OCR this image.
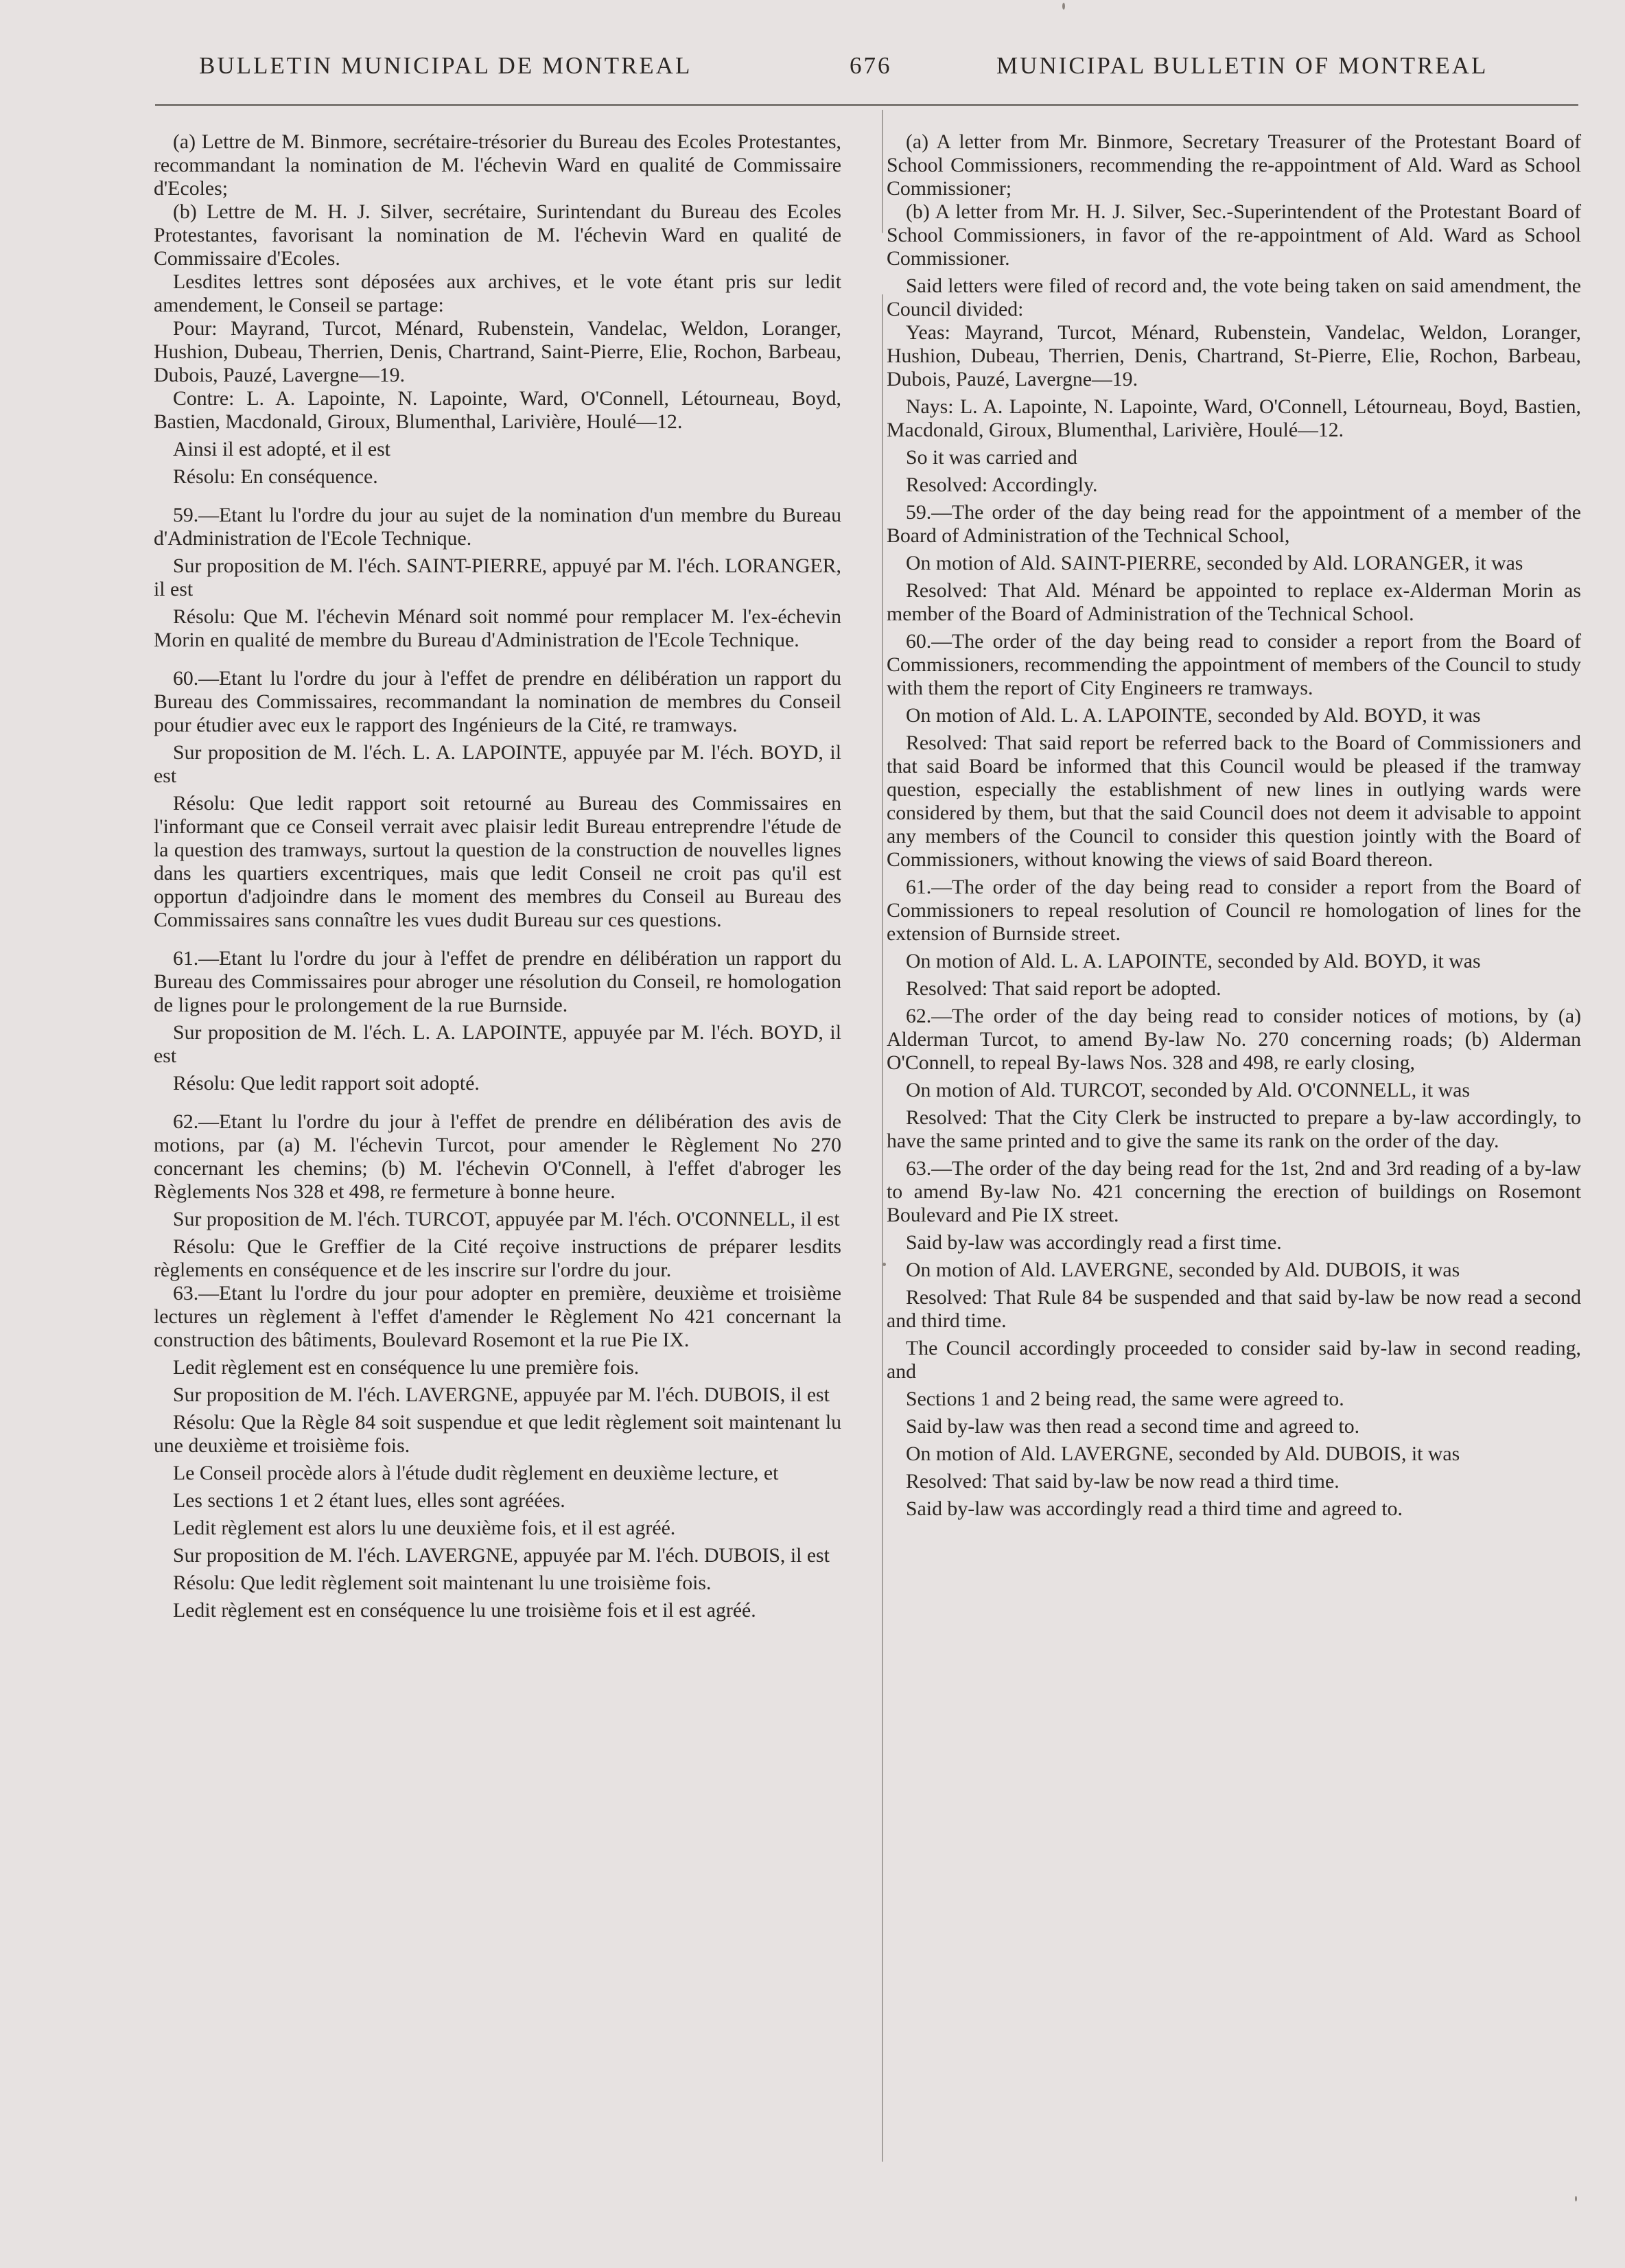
BULLETIN MUNICIPAL DE MONTREAL	676	MUNICIPAL BULLETIN OF MONTREAL

(a) Lettre de M. Binmore, secrétaire-trésorier du Bureau des Ecoles Protestantes, recommandant la nomination de M. l'échevin Ward en qualité de Commissaire d'Ecoles;

(b) Lettre de M. H. J. Silver, secrétaire, Surintendant du Bureau des Ecoles Protestantes, favorisant la nomination de M. l'échevin Ward en qualité de Commissaire d'Ecoles.

Lesdites lettres sont déposées aux archives, et le vote étant pris sur ledit amendement, le Conseil se partage:

Pour: Mayrand, Turcot, Ménard, Rubenstein, Vandelac, Weldon, Loranger, Hushion, Dubeau, Therrien, Denis, Chartrand, Saint-Pierre, Elie, Rochon, Barbeau, Dubois, Pauzé, Lavergne—19.

Contre: L. A. Lapointe, N. Lapointe, Ward, O'Connell, Létourneau, Boyd, Bastien, Macdonald, Giroux, Blumenthal, Larivière, Houlé—12.

Ainsi il est adopté, et il est

Résolu: En conséquence.

59.—Etant lu l'ordre du jour au sujet de la nomination d'un membre du Bureau d'Administration de l'Ecole Technique.

Sur proposition de M. l'éch. SAINT-PIERRE, appuyé par M. l'éch. LORANGER, il est

Résolu: Que M. l'échevin Ménard soit nommé pour remplacer M. l'ex-échevin Morin en qualité de membre du Bureau d'Administration de l'Ecole Technique.

60.—Etant lu l'ordre du jour à l'effet de prendre en délibération un rapport du Bureau des Commissaires, recommandant la nomination de membres du Conseil pour étudier avec eux le rapport des Ingénieurs de la Cité, re tramways.

Sur proposition de M. l'éch. L. A. LAPOINTE, appuyée par M. l'éch. BOYD, il est

Résolu: Que ledit rapport soit retourné au Bureau des Commissaires en l'informant que ce Conseil verrait avec plaisir ledit Bureau entreprendre l'étude de la question des tramways, surtout la question de la construction de nouvelles lignes dans les quartiers excentriques, mais que ledit Conseil ne croit pas qu'il est opportun d'adjoindre dans le moment des membres du Conseil au Bureau des Commissaires sans connaître les vues dudit Bureau sur ces questions.

61.—Etant lu l'ordre du jour à l'effet de prendre en délibération un rapport du Bureau des Commissaires pour abroger une résolution du Conseil, re homologation de lignes pour le prolongement de la rue Burnside.

Sur proposition de M. l'éch. L. A. LAPOINTE, appuyée par M. l'éch. BOYD, il est

Résolu: Que ledit rapport soit adopté.

62.—Etant lu l'ordre du jour à l'effet de prendre en délibération des avis de motions, par (a) M. l'échevin Turcot, pour amender le Règlement No 270 concernant les chemins; (b) M. l'échevin O'Connell, à l'effet d'abroger les Règlements Nos 328 et 498, re fermeture à bonne heure.

Sur proposition de M. l'éch. TURCOT, appuyée par M. l'éch. O'CONNELL, il est

Résolu: Que le Greffier de la Cité reçoive instructions de préparer lesdits règlements en conséquence et de les inscrire sur l'ordre du jour.

63.—Etant lu l'ordre du jour pour adopter en première, deuxième et troisième lectures un règlement à l'effet d'amender le Règlement No 421 concernant la construction des bâtiments, Boulevard Rosemont et la rue Pie IX.

Ledit règlement est en conséquence lu une première fois.

Sur proposition de M. l'éch. LAVERGNE, appuyée par M. l'éch. DUBOIS, il est

Résolu: Que la Règle 84 soit suspendue et que ledit règlement soit maintenant lu une deuxième et troisième fois.

Le Conseil procède alors à l'étude dudit règlement en deuxième lecture, et

Les sections 1 et 2 étant lues, elles sont agréées.

Ledit règlement est alors lu une deuxième fois, et il est agréé.

Sur proposition de M. l'éch. LAVERGNE, appuyée par M. l'éch. DUBOIS, il est

Résolu: Que ledit règlement soit maintenant lu une troisième fois.

Ledit règlement est en conséquence lu une troisième fois et il est agréé.

(a) A letter from Mr. Binmore, Secretary Treasurer of the Protestant Board of School Commissioners, recommending the re-appointment of Ald. Ward as School Commissioner;

(b) A letter from Mr. H. J. Silver, Sec.-Superintendent of the Protestant Board of School Commissioners, in favor of the re-appointment of Ald. Ward as School Commissioner.

Said letters were filed of record and, the vote being taken on said amendment, the Council divided:

Yeas: Mayrand, Turcot, Ménard, Rubenstein, Vandelac, Weldon, Loranger, Hushion, Dubeau, Therrien, Denis, Chartrand, St-Pierre, Elie, Rochon, Barbeau, Dubois, Pauzé, Lavergne—19.

Nays: L. A. Lapointe, N. Lapointe, Ward, O'Connell, Létourneau, Boyd, Bastien, Macdonald, Giroux, Blumenthal, Larivière, Houlé—12.

So it was carried and

Resolved: Accordingly.

59.—The order of the day being read for the appointment of a member of the Board of Administration of the Technical School,

On motion of Ald. SAINT-PIERRE, seconded by Ald. LORANGER, it was

Resolved: That Ald. Ménard be appointed to replace ex-Alderman Morin as member of the Board of Administration of the Technical School.

60.—The order of the day being read to consider a report from the Board of Commissioners, recommending the appointment of members of the Council to study with them the report of City Engineers re tramways.

On motion of Ald. L. A. LAPOINTE, seconded by Ald. BOYD, it was

Resolved: That said report be referred back to the Board of Commissioners and that said Board be informed that this Council would be pleased if the tramway question, especially the establishment of new lines in outlying wards were considered by them, but that the said Council does not deem it advisable to appoint any members of the Council to consider this question jointly with the Board of Commissioners, without knowing the views of said Board thereon.

61.—The order of the day being read to consider a report from the Board of Commissioners to repeal resolution of Council re homologation of lines for the extension of Burnside street.

On motion of Ald. L. A. LAPOINTE, seconded by Ald. BOYD, it was

Resolved: That said report be adopted.

62.—The order of the day being read to consider notices of motions, by (a) Alderman Turcot, to amend By-law No. 270 concerning roads; (b) Alderman O'Connell, to repeal By-laws Nos. 328 and 498, re early closing,

On motion of Ald. TURCOT, seconded by Ald. O'CONNELL, it was

Resolved: That the City Clerk be instructed to prepare a by-law accordingly, to have the same printed and to give the same its rank on the order of the day.

63.—The order of the day being read for the 1st, 2nd and 3rd reading of a by-law to amend By-law No. 421 concerning the erection of buildings on Rosemont Boulevard and Pie IX street.

Said by-law was accordingly read a first time.

On motion of Ald. LAVERGNE, seconded by Ald. DUBOIS, it was

Resolved: That Rule 84 be suspended and that said by-law be now read a second and third time.

The Council accordingly proceeded to consider said by-law in second reading, and

Sections 1 and 2 being read, the same were agreed to.

Said by-law was then read a second time and agreed to.

On motion of Ald. LAVERGNE, seconded by Ald. DUBOIS, it was

Resolved: That said by-law be now read a third time.

Said by-law was accordingly read a third time and agreed to.
